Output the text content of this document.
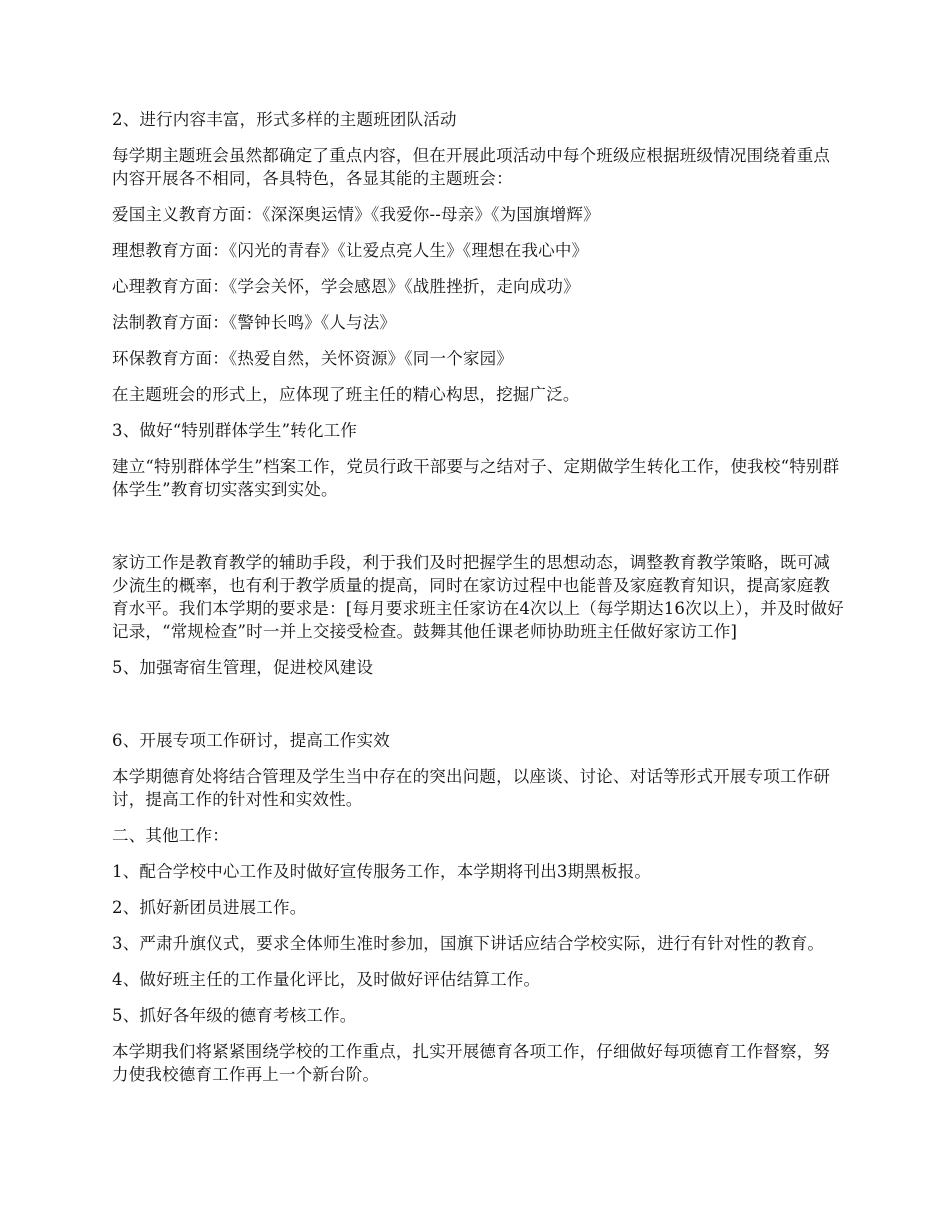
2、进行内容丰富，形式多样的主题班团队活动

每学期主题班会虽然都确定了重点内容，但在开展此项活动中每个班级应根据班级情况围绕着重点内容开展各不相同，各具特色，各显其能的主题班会：

爱国主义教育方面：《深深奥运情》《我爱你--母亲》《为国旗增辉》

理想教育方面：《闪光的青春》《让爱点亮人生》《理想在我心中》

心理教育方面：《学会关怀，学会感恩》《战胜挫折，走向成功》

法制教育方面：《警钟长鸣》《人与法》

环保教育方面：《热爱自然，关怀资源》《同一个家园》

在主题班会的形式上，应体现了班主任的精心构思，挖掘广泛。

3、做好“特别群体学生”转化工作

建立“特别群体学生”档案工作，党员行政干部要与之结对子、定期做学生转化工作，使我校“特别群体学生”教育切实落实到实处。

家访工作是教育教学的辅助手段，利于我们及时把握学生的思想动态，调整教育教学策略，既可减少流生的概率，也有利于教学质量的提高，同时在家访过程中也能普及家庭教育知识，提高家庭教育水平。我们本学期的要求是：[每月要求班主任家访在4次以上（每学期达16次以上），并及时做好记录，“常规检查”时一并上交接受检查。鼓舞其他任课老师协助班主任做好家访工作]

5、加强寄宿生管理，促进校风建设

6、开展专项工作研讨，提高工作实效

本学期德育处将结合管理及学生当中存在的突出问题，以座谈、讨论、对话等形式开展专项工作研讨，提高工作的针对性和实效性。

二、其他工作：

1、配合学校中心工作及时做好宣传服务工作，本学期将刊出3期黑板报。

2、抓好新团员进展工作。

3、严肃升旗仪式，要求全体师生准时参加，国旗下讲话应结合学校实际，进行有针对性的教育。

4、做好班主任的工作量化评比，及时做好评估结算工作。

5、抓好各年级的德育考核工作。

本学期我们将紧紧围绕学校的工作重点，扎实开展德育各项工作，仔细做好每项德育工作督察，努力使我校德育工作再上一个新台阶。
